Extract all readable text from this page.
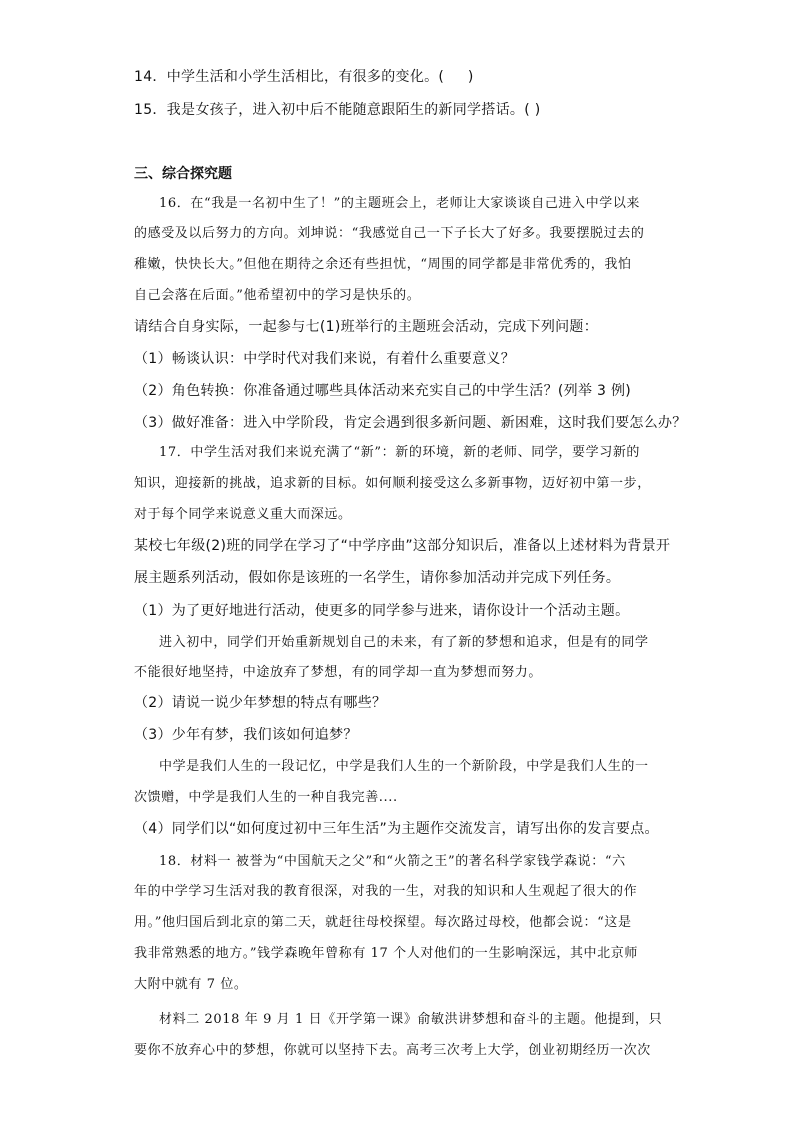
14．中学生活和小学生活相比，有很多的变化。(     )
15．我是女孩子，进入初中后不能随意跟陌生的新同学搭话。( )
三、综合探究题
16．在“我是一名初中生了！”的主题班会上，老师让大家谈谈自己进入中学以来
的感受及以后努力的方向。刘坤说：“我感觉自己一下子长大了好多。我要摆脱过去的
稚嫩，快快长大。”但他在期待之余还有些担忧，“周围的同学都是非常优秀的，我怕
自己会落在后面。”他希望初中的学习是快乐的。
请结合自身实际，一起参与七(1)班举行的主题班会活动，完成下列问题：
（1）畅谈认识：中学时代对我们来说，有着什么重要意义？
（2）角色转换：你准备通过哪些具体活动来充实自己的中学生活？(列举 3 例)
（3）做好准备：进入中学阶段，肯定会遇到很多新问题、新困难，这时我们要怎么办？
17．中学生活对我们来说充满了“新”：新的环境，新的老师、同学，要学习新的
知识，迎接新的挑战，追求新的目标。如何顺利接受这么多新事物，迈好初中第一步，
对于每个同学来说意义重大而深远。
某校七年级(2)班的同学在学习了“中学序曲”这部分知识后，准备以上述材料为背景开
展主题系列活动，假如你是该班的一名学生，请你参加活动并完成下列任务。
（1）为了更好地进行活动，使更多的同学参与进来，请你设计一个活动主题。
进入初中，同学们开始重新规划自己的未来，有了新的梦想和追求，但是有的同学
不能很好地坚持，中途放弃了梦想，有的同学却一直为梦想而努力。
（2）请说一说少年梦想的特点有哪些？
（3）少年有梦，我们该如何追梦？
中学是我们人生的一段记忆，中学是我们人生的一个新阶段，中学是我们人生的一
次馈赠，中学是我们人生的一种自我完善....
（4）同学们以“如何度过初中三年生活”为主题作交流发言，请写出你的发言要点。
18．材料一 被誉为“中国航天之父”和“火箭之王”的著名科学家钱学森说：“六
年的中学学习生活对我的教育很深，对我的一生，对我的知识和人生观起了很大的作
用。”他归国后到北京的第二天，就赶往母校探望。每次路过母校，他都会说：“这是
我非常熟悉的地方。”钱学森晚年曾称有 17 个人对他们的一生影响深远，其中北京师
大附中就有 7 位。
材料二 2018 年 9 月 1 日《开学第一课》俞敏洪讲梦想和奋斗的主题。他提到，只
要你不放弃心中的梦想，你就可以坚持下去。高考三次考上大学，创业初期经历一次次
